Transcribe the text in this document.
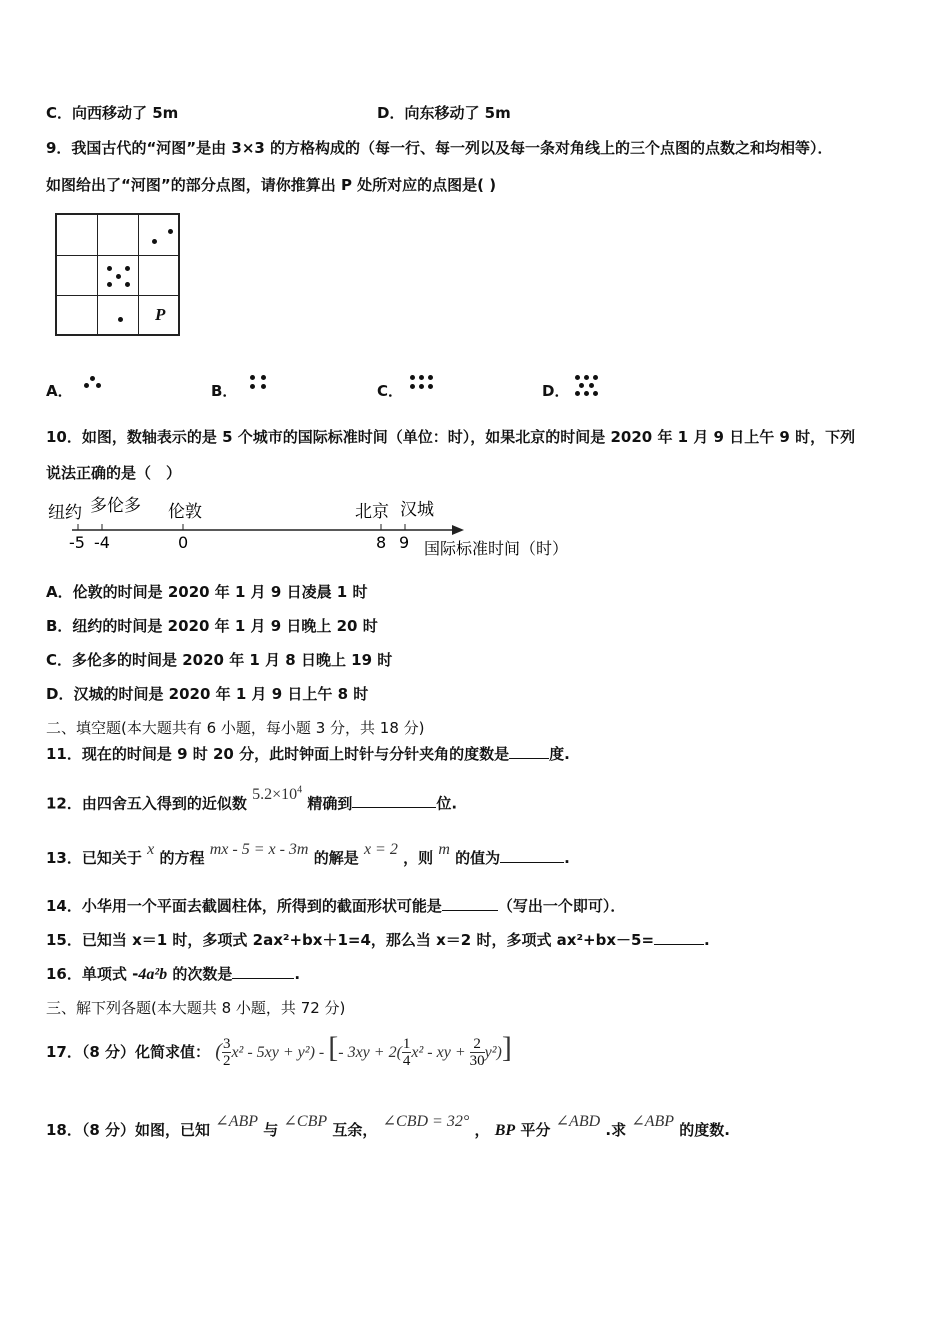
C．向西移动了 5m	D．向东移动了 5m
9．我国古代的“河图”是由 3×3 的方格构成的（每一行、每一列以及每一条对角线上的三个点图的点数之和均相等）．
如图给出了“河图”的部分点图，请你推算出 P 处所对应的点图是( )
P
A．	B．	C．	D．
10．如图，数轴表示的是 5 个城市的国际标准时间（单位：时），如果北京的时间是 2020 年 1 月 9 日上午 9 时，下列
说法正确的是（　）
纽约 多伦多 伦敦	北京 汉城
-5 -4	0	8 9 国际标准时间（时）
A．伦敦的时间是 2020 年 1 月 9 日凌晨 1 时
B．纽约的时间是 2020 年 1 月 9 日晚上 20 时
C．多伦多的时间是 2020 年 1 月 8 日晚上 19 时
D．汉城的时间是 2020 年 1 月 9 日上午 8 时
二、填空题(本大题共有 6 小题，每小题 3 分，共 18 分)
11．现在的时间是 9 时 20 分，此时钟面上时针与分针夹角的度数是	度.
12．由四舍五入得到的近似数 $5.2\times 10^4$ 精确到	位.
13．已知关于 x 的方程 mx - 5 = x - 3m 的解是 x = 2 ，则 m 的值为	.
14．小华用一个平面去截圆柱体，所得到的截面形状可能是	（写出一个即可）．
15．已知当 x＝1 时，多项式 2ax²+bx＋1=4，那么当 x＝2 时，多项式 ax²+bx－5=	.
16．单项式 -4a²b 的次数是	.
三、解下列各题(本大题共 8 小题，共 72 分)
17．（8 分）化简求值： ( $\frac{3}{2} x^2 - 5xy + y^2$) - [- $3xy + 2( \frac{1}{4} x^2$ - xy + $\frac{2}{30} y^2$)]
18．（8 分）如图，已知 ∠ABP 与 ∠CBP 互余， ∠CBD = 32° ， BP 平分 ∠ABD .求 ∠ABP 的度数.
